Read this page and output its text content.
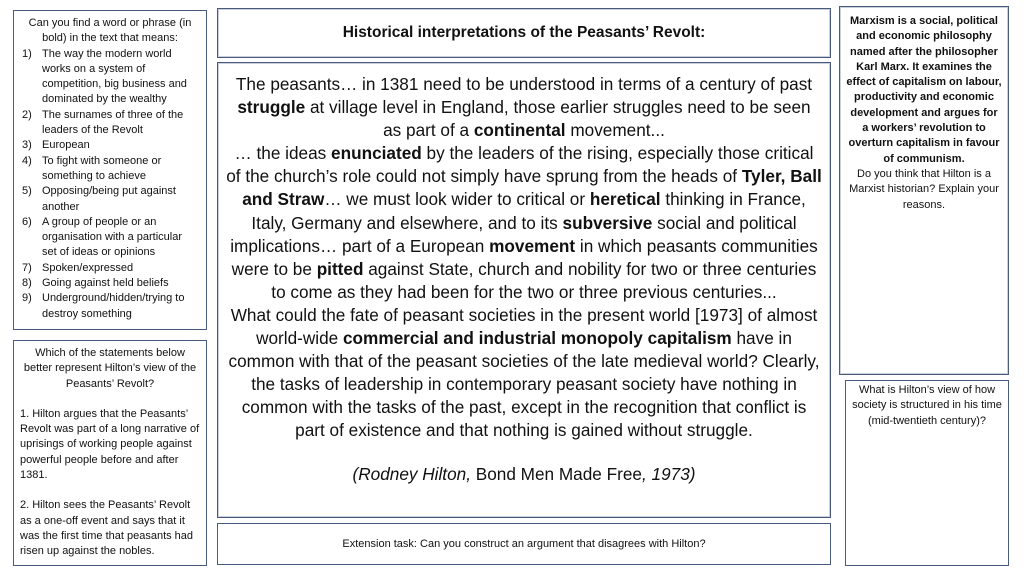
Can you find a word or phrase (in bold) in the text that means:
1) The way the modern world works on a system of competition, big business and dominated by the wealthy
2) The surnames of three of the leaders of the Revolt
3) European
4) To fight with someone or something to achieve
5) Opposing/being put against another
6) A group of people or an organisation with a particular set of ideas or opinions
7) Spoken/expressed
8) Going against held beliefs
9) Underground/hidden/trying to destroy something
Which of the statements below better represent Hilton’s view of the Peasants’ Revolt?
1. Hilton argues that the Peasants’ Revolt was part of a long narrative of uprisings of working people against powerful people before and after 1381.
2. Hilton sees the Peasants’ Revolt as a one-off event and says that it was the first time that peasants had risen up against the nobles.
Historical interpretations of the Peasants’ Revolt:

The peasants… in 1381 need to be understood in terms of a century of past struggle at village level in England, those earlier struggles need to be seen as part of a continental movement...

… the ideas enunciated by the leaders of the rising, especially those critical of the church’s role could not simply have sprung from the heads of Tyler, Ball and Straw… we must look wider to critical or heretical thinking in France, Italy, Germany and elsewhere, and to its subversive social and political implications… part of a European movement in which peasants communities were to be pitted against State, church and nobility for two or three centuries to come as they had been for the two or three previous centuries...

What could the fate of peasant societies in the present world [1973] of almost world-wide commercial and industrial monopoly capitalism have in common with that of the peasant societies of the late medieval world? Clearly, the tasks of leadership in contemporary peasant society have nothing in common with the tasks of the past, except in the recognition that conflict is part of existence and that nothing is gained without struggle.

(Rodney Hilton, Bond Men Made Free, 1973)

Extension task: Can you construct an argument that disagrees with Hilton?
Marxism is a social, political and economic philosophy named after the philosopher Karl Marx. It examines the effect of capitalism on labour, productivity and economic development and argues for a workers’ revolution to overturn capitalism in favour of communism.
Do you think that Hilton is a Marxist historian? Explain your reasons.
What is Hilton’s view of how society is structured in his time (mid-twentieth century)?
